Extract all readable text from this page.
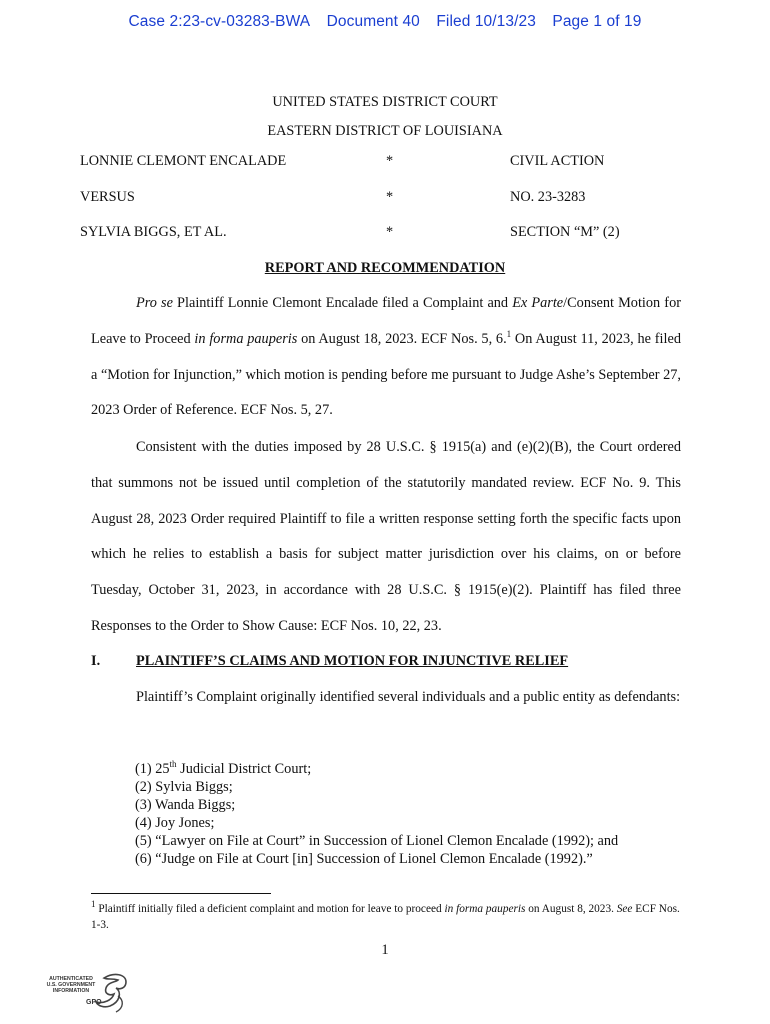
Case 2:23-cv-03283-BWA Document 40 Filed 10/13/23 Page 1 of 19
UNITED STATES DISTRICT COURT
EASTERN DISTRICT OF LOUISIANA
LONNIE CLEMONT ENCALADE	*	CIVIL ACTION
VERSUS	*	NO. 23-3283
SYLVIA BIGGS, ET AL.	*	SECTION “M” (2)
REPORT AND RECOMMENDATION

Pro se Plaintiff Lonnie Clemont Encalade filed a Complaint and Ex Parte/Consent Motion for Leave to Proceed in forma pauperis on August 18, 2023. ECF Nos. 5, 6.$^1$ On August 11, 2023, he filed a “Motion for Injunction,” which motion is pending before me pursuant to Judge Ashe’s September 27, 2023 Order of Reference. ECF Nos. 5, 27.

Consistent with the duties imposed by 28 U.S.C. § 1915(a) and (e)(2)(B), the Court ordered that summons not be issued until completion of the statutorily mandated review. ECF No. 9. This August 28, 2023 Order required Plaintiff to file a written response setting forth the specific facts upon which he relies to establish a basis for subject matter jurisdiction over his claims, on or before Tuesday, October 31, 2023, in accordance with 28 U.S.C. § 1915(e)(2). Plaintiff has filed three Responses to the Order to Show Cause: ECF Nos. 10, 22, 23.

I.	PLAINTIFF’S CLAIMS AND MOTION FOR INJUNCTIVE RELIEF

Plaintiff’s Complaint originally identified several individuals and a public entity as defendants:

(1) 25th Judicial District Court;
(2) Sylvia Biggs;
(3) Wanda Biggs;
(4) Joy Jones;
(5) “Lawyer on File at Court” in Succession of Lionel Clemon Encalade (1992); and
(6) “Judge on File at Court [in] Succession of Lionel Clemon Encalade (1992).”
$^1$ Plaintiff initially filed a deficient complaint and motion for leave to proceed in forma pauperis on August 8, 2023. See ECF Nos. 1-3.
1
AUTHENTICATED
U.S. GOVERNMENT
INFORMATION
GPO
